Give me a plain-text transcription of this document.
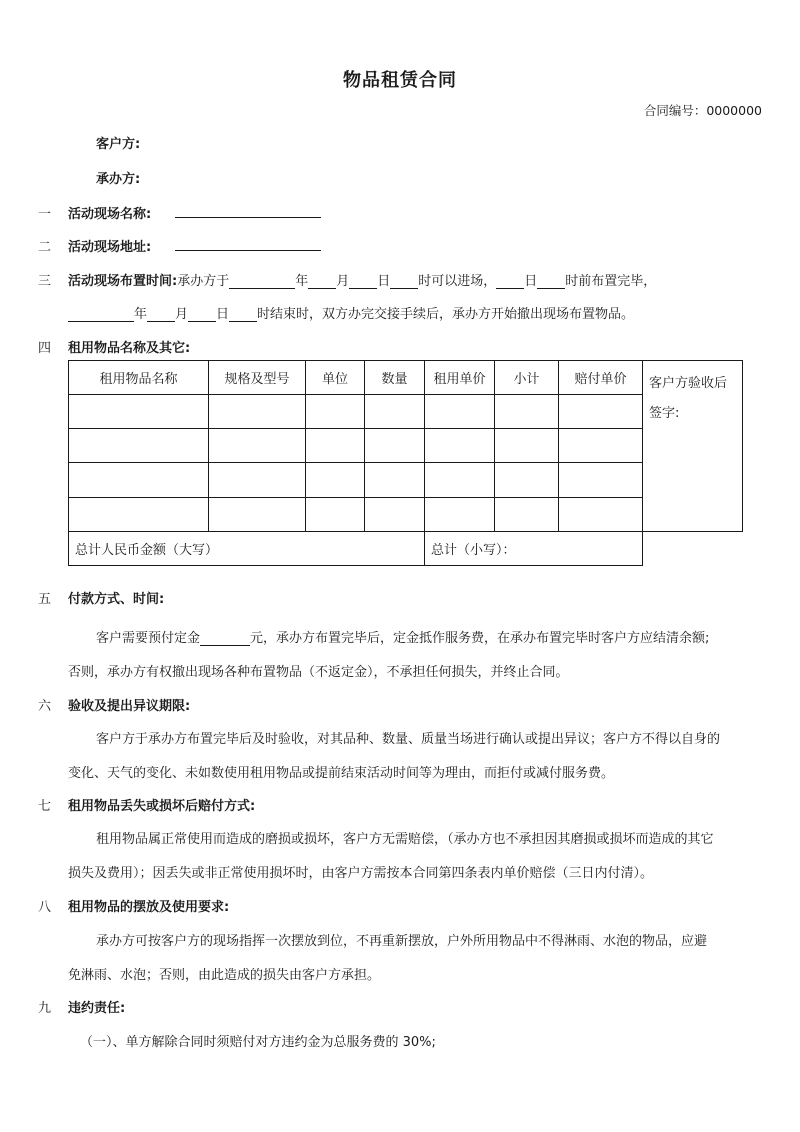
物品租赁合同
合同编号：0000000
客户方:
承办方:
一 活动现场名称:
二 活动现场地址:
三 活动现场布置时间:承办方于	年 月 日 时可以进场， 日 时前布置完毕，
年 月 日 时结束时，双方办完交接手续后，承办方开始撤出现场布置物品。
四 租用物品名称及其它:
租用物品名称	规格及型号	单位	数量	租用单价	小计	赔付单价	客户方验收后签字:

总计人民币金额（大写）				总计（小写）：			
五 付款方式、时间:
客户需要预付定金	元，承办方布置完毕后，定金抵作服务费，在承办布置完毕时客户方应结清余额;
否则，承办方有权撤出现场各种布置物品（不返定金），不承担任何损失，并终止合同。
六 验收及提出异议期限:
客户方于承办方布置完毕后及时验收，对其品种、数量、质量当场进行确认或提出异议；客户方不得以自身的
变化、天气的变化、未如数使用租用物品或提前结束活动时间等为理由，而拒付或减付服务费。
七 租用物品丢失或损坏后赔付方式:
租用物品属正常使用而造成的磨损或损坏，客户方无需赔偿，（承办方也不承担因其磨损或损坏而造成的其它
损失及费用）；因丢失或非正常使用损坏时，由客户方需按本合同第四条表内单价赔偿（三日内付清）。
八 租用物品的摆放及使用要求:
承办方可按客户方的现场指挥一次摆放到位，不再重新摆放，户外所用物品中不得淋雨、水泡的物品，应避
免淋雨、水泡；否则，由此造成的损失由客户方承担。
九 违约责任:
（一）、单方解除合同时须赔付对方违约金为总服务费的 30%;
